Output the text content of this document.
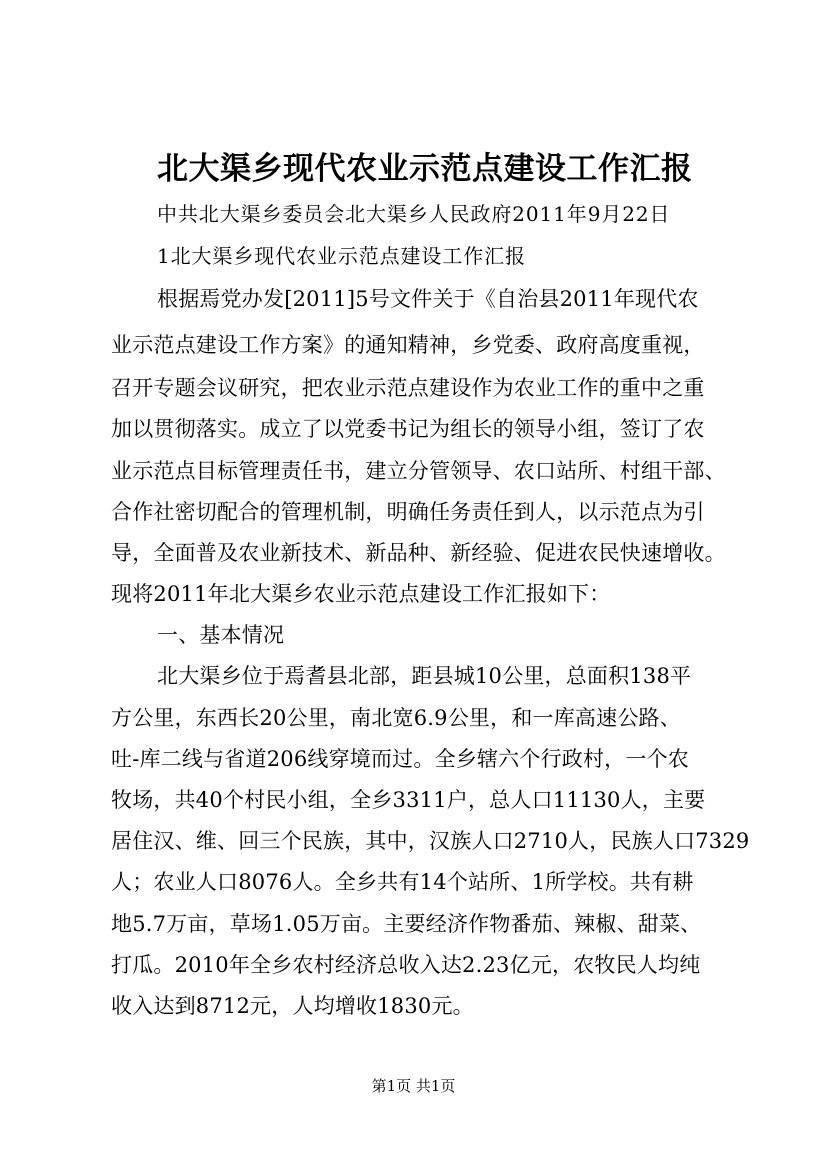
北大渠乡现代农业示范点建设工作汇报
中共北大渠乡委员会北大渠乡人民政府2011年9月22日
1北大渠乡现代农业示范点建设工作汇报
根据焉党办发[2011]5号文件关于《自治县2011年现代农
业示范点建设工作方案》的通知精神，乡党委、政府高度重视，
召开专题会议研究，把农业示范点建设作为农业工作的重中之重
加以贯彻落实。成立了以党委书记为组长的领导小组，签订了农
业示范点目标管理责任书，建立分管领导、农口站所、村组干部、
合作社密切配合的管理机制，明确任务责任到人，以示范点为引
导，全面普及农业新技术、新品种、新经验、促进农民快速增收。
现将2011年北大渠乡农业示范点建设工作汇报如下：
一、基本情况
北大渠乡位于焉耆县北部，距县城10公里，总面积138平
方公里，东西长20公里，南北宽6.9公里，和一库高速公路、
吐-库二线与省道206线穿境而过。全乡辖六个行政村，一个农
牧场，共40个村民小组，全乡3311户，总人口11130人，主要
居住汉、维、回三个民族，其中，汉族人口2710人，民族人口7329
人；农业人口8076人。全乡共有14个站所、1所学校。共有耕
地5.7万亩，草场1.05万亩。主要经济作物番茄、辣椒、甜菜、
打瓜。2010年全乡农村经济总收入达2.23亿元，农牧民人均纯
收入达到8712元，人均增收1830元。
第1页 共1页
